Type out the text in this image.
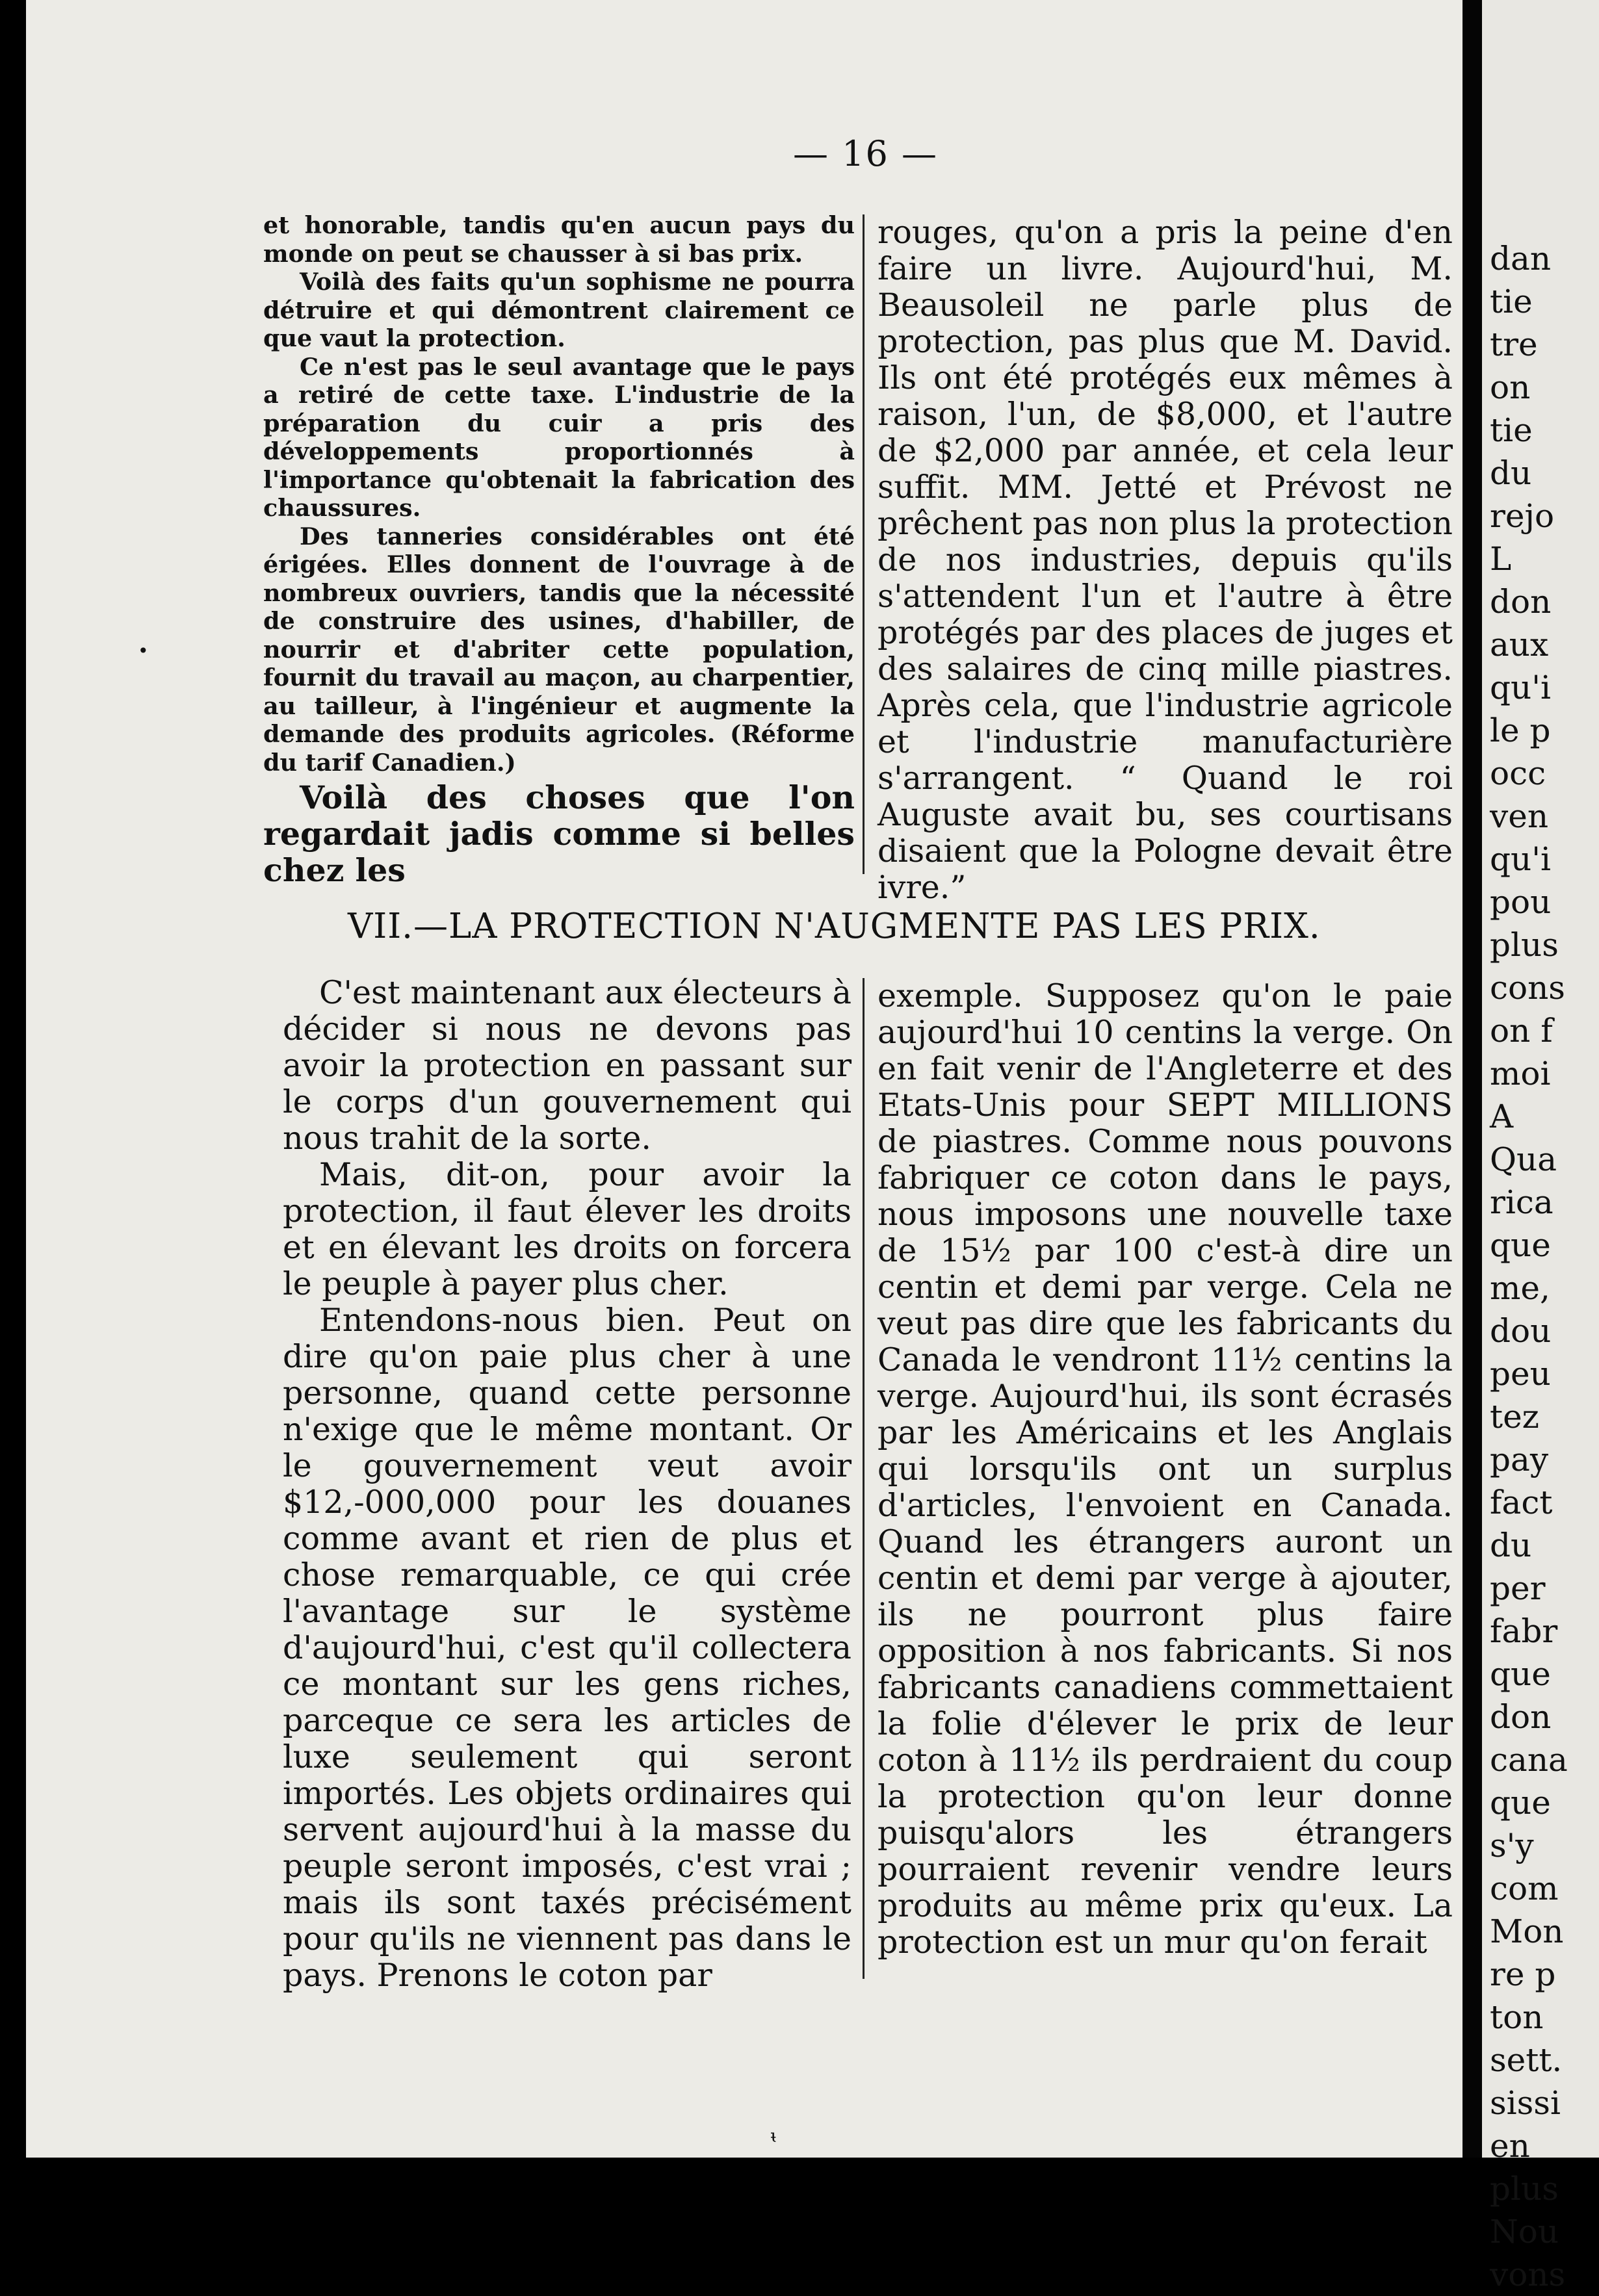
— 16 —

et honorable, tandis qu'en aucun pays du monde on peut se chausser à si bas prix.

Voilà des faits qu'un sophisme ne pourra détruire et qui démontrent clairement ce que vaut la protection.

Ce n'est pas le seul avantage que le pays a retiré de cette taxe. L'industrie de la préparation du cuir a pris des développements proportionnés à l'importance qu'obtenait la fabrication des chaussures.

Des tanneries considérables ont été érigées. Elles donnent de l'ouvrage à de nombreux ouvriers, tandis que la nécessité de construire des usines, d'habiller, de nourrir et d'abriter cette population, fournit du travail au maçon, au charpentier, au tailleur, à l'ingénieur et augmente la demande des produits agricoles. (Réforme du tarif Canadien.)

Voilà des choses que l'on regardait jadis comme si belles chez les

rouges, qu'on a pris la peine d'en faire un livre. Aujourd'hui, M. Beausoleil ne parle plus de protection, pas plus que M. David. Ils ont été protégés eux mêmes à raison, l'un, de $8,000, et l'autre de $2,000 par année, et cela leur suffit. MM. Jetté et Prévost ne prêchent pas non plus la protection de nos industries, depuis qu'ils s'attendent l'un et l'autre à être protégés par des places de juges et des salaires de cinq mille piastres. Après cela, que l'industrie agricole et l'industrie manufacturière s'arrangent. “ Quand le roi Auguste avait bu, ses courtisans disaient que la Pologne devait être ivre.”

VII.—LA PROTECTION N'AUGMENTE PAS LES PRIX.

C'est maintenant aux électeurs à décider si nous ne devons pas avoir la protection en passant sur le corps d'un gouvernement qui nous trahit de la sorte.

Mais, dit-on, pour avoir la protection, il faut élever les droits et en élevant les droits on forcera le peuple à payer plus cher.

Entendons-nous bien. Peut on dire qu'on paie plus cher à une personne, quand cette personne n'exige que le même montant. Or le gouvernement veut avoir $12,-000,000 pour les douanes comme avant et rien de plus et chose remarquable, ce qui crée l'avantage sur le système d'aujourd'hui, c'est qu'il collectera ce montant sur les gens riches, parceque ce sera les articles de luxe seulement qui seront importés. Les objets ordinaires qui servent aujourd'hui à la masse du peuple seront imposés, c'est vrai ; mais ils sont taxés précisément pour qu'ils ne viennent pas dans le pays. Prenons le coton par

exemple. Supposez qu'on le paie aujourd'hui 10 centins la verge. On en fait venir de l'Angleterre et des Etats-Unis pour SEPT MILLIONS de piastres. Comme nous pouvons fabriquer ce coton dans le pays, nous imposons une nouvelle taxe de 15½ par 100 c'est-à dire un centin et demi par verge. Cela ne veut pas dire que les fabricants du Canada le vendront 11½ centins la verge. Aujourd'hui, ils sont écrasés par les Américains et les Anglais qui lorsqu'ils ont un surplus d'articles, l'envoient en Canada. Quand les étrangers auront un centin et demi par verge à ajouter, ils ne pourront plus faire opposition à nos fabricants. Si nos fabricants canadiens commettaient la folie d'élever le prix de leur coton à 11½ ils perdraient du coup la protection qu'on leur donne puisqu'alors les étrangers pourraient revenir vendre leurs produits au même prix qu'eux. La protection est un mur qu'on ferait

•
ᵼ
dan
tie
tre
on
tie
du
rejo
L
don
aux
qu'i
le p
occ
ven
qu'i
pou
plus
cons
on f
moi
A
Qua
rica
que
me,
dou
peu
tez
pay
fact
du
per
fabr
que
don
cana
que
s'y
com
Mon
re p
ton
sett.
sissi
en
plus
Nou
vons
